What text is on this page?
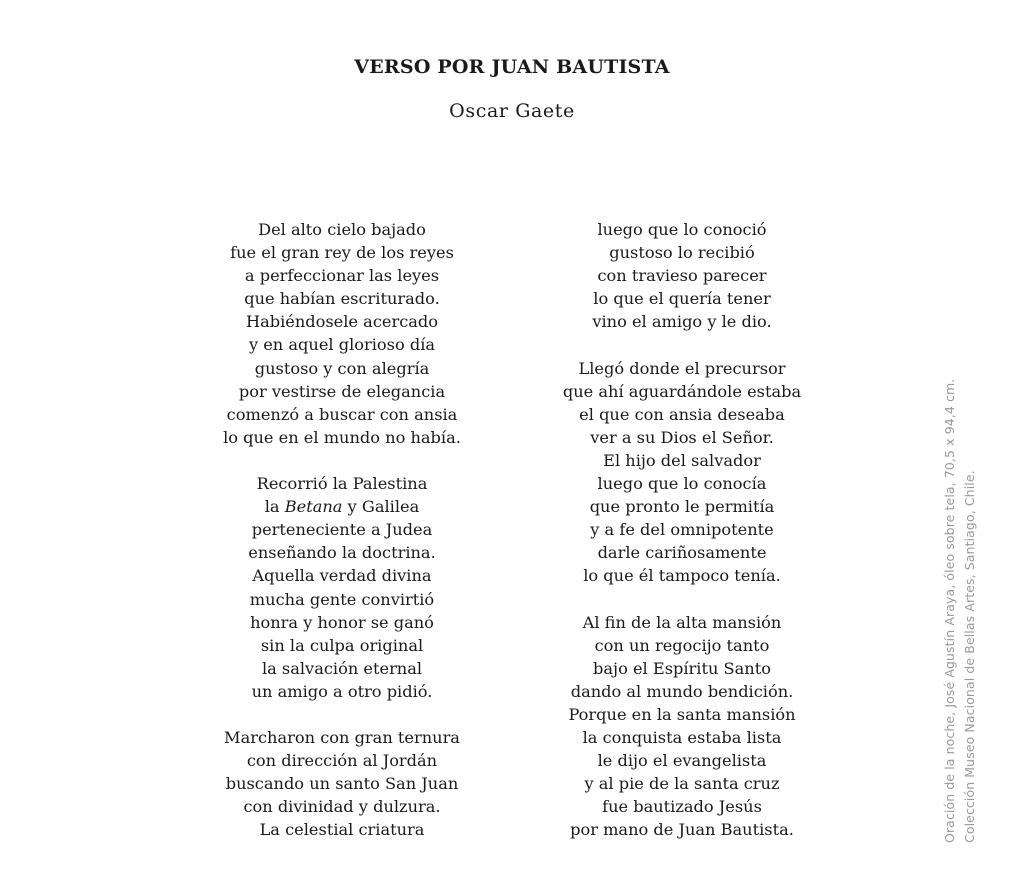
VERSO POR JUAN BAUTISTA
Oscar Gaete
Del alto cielo bajado
fue el gran rey de los reyes
a perfeccionar las leyes
que habían escriturado.
Habiéndosele acercado
y en aquel glorioso día
gustoso y con alegría
por vestirse de elegancia
comenzó a buscar con ansia
lo que en el mundo no había.
Recorrió la Palestina
la Betana y Galilea
perteneciente a Judea
enseñando la doctrina.
Aquella verdad divina
mucha gente convirtió
honra y honor se ganó
sin la culpa original
la salvación eternal
un amigo a otro pidió.
Marcharon con gran ternura
con dirección al Jordán
buscando un santo San Juan
con divinidad y dulzura.
La celestial criatura
luego que lo conoció
gustoso lo recibió
con travieso parecer
lo que el quería tener
vino el amigo y le dio.
Llegó donde el precursor
que ahí aguardándole estaba
el que con ansia deseaba
ver a su Dios el Señor.
El hijo del salvador
luego que lo conocía
que pronto le permitía
y a fe del omnipotente
darle cariñosamente
lo que él tampoco tenía.
Al fin de la alta mansión
con un regocijo tanto
bajo el Espíritu Santo
dando al mundo bendición.
Porque en la santa mansión
la conquista estaba lista
le dijo el evangelista
y al pie de la santa cruz
fue bautizado Jesús
por mano de Juan Bautista.	Oración de la noche, José Agustín Araya, óleo sobre tela, 70,5 x 94,4 cm. Colección Museo Nacional de Bellas Artes, Santiago, Chile.
